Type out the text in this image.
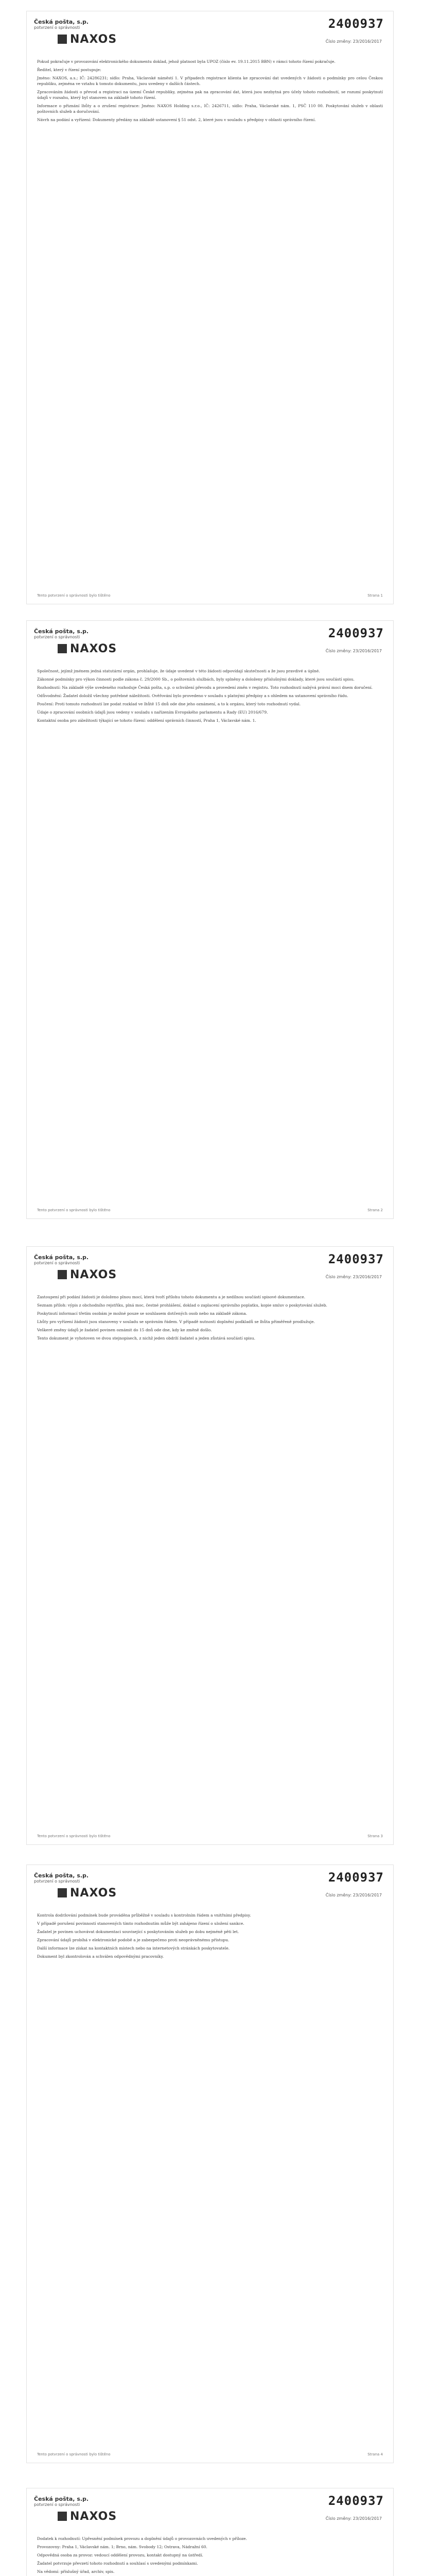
Česká pošta, s.p.
potvrzení o správnosti
NAXOS
2400937
Číslo změny: 23/2016/2017

Pokud pokračuje v provozování elektronického dokumentu doklad, jehož platnost byla UPOZ (číslo ev. 19.11.2015 BBN) v rámci tohoto řízení pokračuje.

Ředitel, který v řízení postupuje:

Jméno: NAXOS, a.s.; IČ: 24286231; sídlo: Praha, Václavské náměstí 1. V případech registrace klienta ke zpracování dat uvedených v žádosti o podmínky pro celou Českou republiku, zejména ve vztahu k tomuto dokumentu, jsou uvedeny v dalších částech.

Zpracováním žádosti o převod a registraci na území České republiky, zejména pak na zpracování dat, která jsou nezbytná pro účely tohoto rozhodnutí, se rozumí poskytnutí údajů v rozsahu, který byl stanoven na základě tohoto řízení.

Informace o přiznání lhůty a o zrušení registrace: Jméno: NAXOS Holding s.r.o., IČ: 2426711, sídlo: Praha, Václavské nám. 1, PSČ 110 00. Poskytování služeb v oblasti poštovních služeb a doručování.

Návrh na podání a vyřízení: Dokumenty předány na základě ustanovení § 51 odst. 2, které jsou v souladu s předpisy v oblasti správního řízení.

Tento potvrzení o správnosti bylo tištěno	Strana 1
Česká pošta, s.p.
potvrzení o správnosti
NAXOS
2400937
Číslo změny: 23/2016/2017

Společnost, jejímž jménem jedná statutární orgán, prohlašuje, že údaje uvedené v této žádosti odpovídají skutečnosti a že jsou pravdivé a úplné.

Zákonné podmínky pro výkon činnosti podle zákona č. 29/2000 Sb., o poštovních službách, byly splněny a doloženy příslušnými doklady, které jsou součástí spisu.

Rozhodnutí: Na základě výše uvedeného rozhoduje Česká pošta, s.p. o schválení převodu a provedení změn v registru. Toto rozhodnutí nabývá právní moci dnem doručení.

Odůvodnění: Žadatel doložil všechny potřebné náležitosti. Ověřování bylo provedeno v souladu s platnými předpisy a s ohledem na ustanovení správního řádu.

Poučení: Proti tomuto rozhodnutí lze podat rozklad ve lhůtě 15 dnů ode dne jeho oznámení, a to k orgánu, který toto rozhodnutí vydal.

Údaje o zpracování osobních údajů jsou vedeny v souladu s nařízením Evropského parlamentu a Rady (EU) 2016/679.

Kontaktní osoba pro záležitosti týkající se tohoto řízení: oddělení správních činností, Praha 1, Václavské nám. 1.

Tento potvrzení o správnosti bylo tištěno	Strana 2
Česká pošta, s.p.
potvrzení o správnosti
NAXOS
2400937
Číslo změny: 23/2016/2017

Zastoupení při podání žádosti je doloženo plnou mocí, která tvoří přílohu tohoto dokumentu a je nedílnou součástí spisové dokumentace.

Seznam příloh: výpis z obchodního rejstříku, plná moc, čestné prohlášení, doklad o zaplacení správního poplatku, kopie smluv o poskytování služeb.

Poskytnutí informací třetím osobám je možné pouze se souhlasem dotčených osob nebo na základě zákona.

Lhůty pro vyřízení žádosti jsou stanoveny v souladu se správním řádem. V případě nutnosti doplnění podkladů se lhůta přiměřeně prodlužuje.

Veškeré změny údajů je žadatel povinen oznámit do 15 dnů ode dne, kdy ke změně došlo.

Tento dokument je vyhotoven ve dvou stejnopisech, z nichž jeden obdrží žadatel a jeden zůstává součástí spisu.

Tento potvrzení o správnosti bylo tištěno	Strana 3
Česká pošta, s.p.
potvrzení o správnosti
NAXOS
2400937
Číslo změny: 23/2016/2017

Kontrola dodržování podmínek bude prováděna průběžně v souladu s kontrolním řádem a vnitřními předpisy.

V případě porušení povinností stanovených tímto rozhodnutím může být zahájeno řízení o uložení sankce.

Žadatel je povinen uchovávat dokumentaci související s poskytováním služeb po dobu nejméně pěti let.

Zpracování údajů probíhá v elektronické podobě a je zabezpečeno proti neoprávněnému přístupu.

Další informace lze získat na kontaktních místech nebo na internetových stránkách poskytovatele.

Dokument byl zkontrolován a schválen odpovědnými pracovníky.

Tento potvrzení o správnosti bylo tištěno	Strana 4
Česká pošta, s.p.
potvrzení o správnosti
NAXOS
2400937
Číslo změny: 23/2016/2017

Dodatek k rozhodnutí: Upřesnění podmínek provozu a doplnění údajů o provozovnách uvedených v příloze.

Provozovny: Praha 1, Václavské nám. 1; Brno, nám. Svobody 12; Ostrava, Nádražní 60.

Odpovědná osoba za provoz: vedoucí oddělení provozu, kontakt dostupný na ústředí.

Žadatel potvrzuje převzetí tohoto rozhodnutí a souhlasí s uvedenými podmínkami.

Na vědomí: příslušný úřad, archiv, spis.
